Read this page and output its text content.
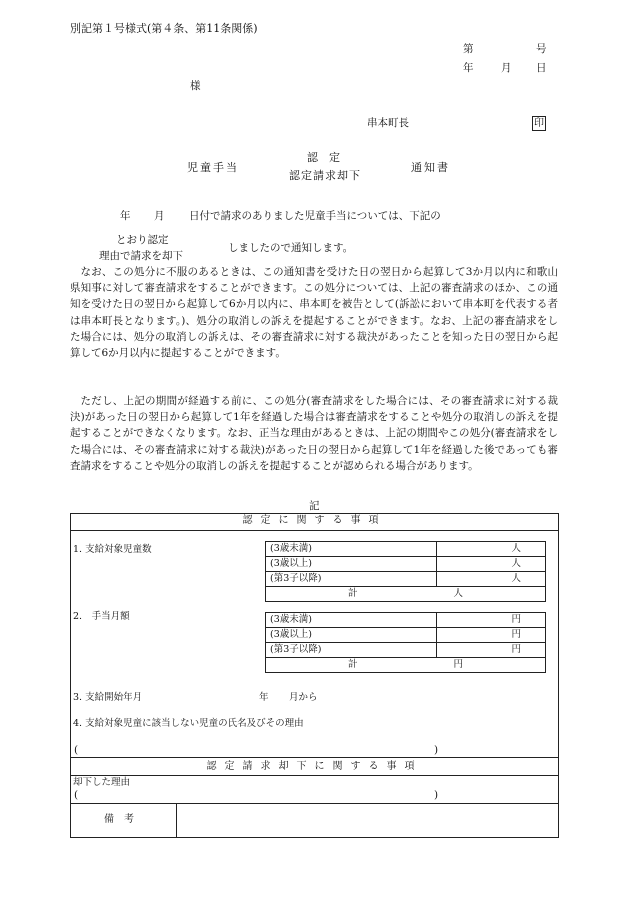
別記第１号様式(第４条、第11条関係)
第	号
年	月 日
様
串本町長	印
児童手当
認　定
認定請求却下
通知書
年 月 日付で請求のありました児童手当については、下記の
とおり認定
しましたので通知します。
理由で請求を却下
なお、この処分に不服のあるときは、この通知書を受けた日の翌日から起算して3か月以内に和歌山県知事に対して審査請求をすることができます。この処分については、上記の審査請求のほか、この通知を受けた日の翌日から起算して6か月以内に、串本町を被告として(訴訟において串本町を代表する者は串本町長となります。)、処分の取消しの訴えを提起することができます。なお、上記の審査請求をした場合には、処分の取消しの訴えは、その審査請求に対する裁決があったことを知った日の翌日から起算して6か月以内に提起することができます。
ただし、上記の期間が経過する前に、この処分(審査請求をした場合には、その審査請求に対する裁決)があった日の翌日から起算して1年を経過した場合は審査請求をすることや処分の取消しの訴えを提起することができなくなります。なお、正当な理由があるときは、上記の期間やこの処分(審査請求をした場合には、その審査請求に対する裁決)があった日の翌日から起算して1年を経過した後であっても審査請求をすることや処分の取消しの訴えを提起することが認められる場合があります。
記
認定に関する事項
1. 支給対象児童数	(3歳未満)	人
(3歳以上)	人
(第3子以降)	人
計 人	
2.　手当月額	(3歳未満)	円
(3歳以上)	円
(第3子以降)	円
計 円	
3. 支給開始年月	年 月から
4. 支給対象児童に該当しない児童の氏名及びその理由
(	)
認定請求却下に関する事項
却下した理由
(	)
備　考
